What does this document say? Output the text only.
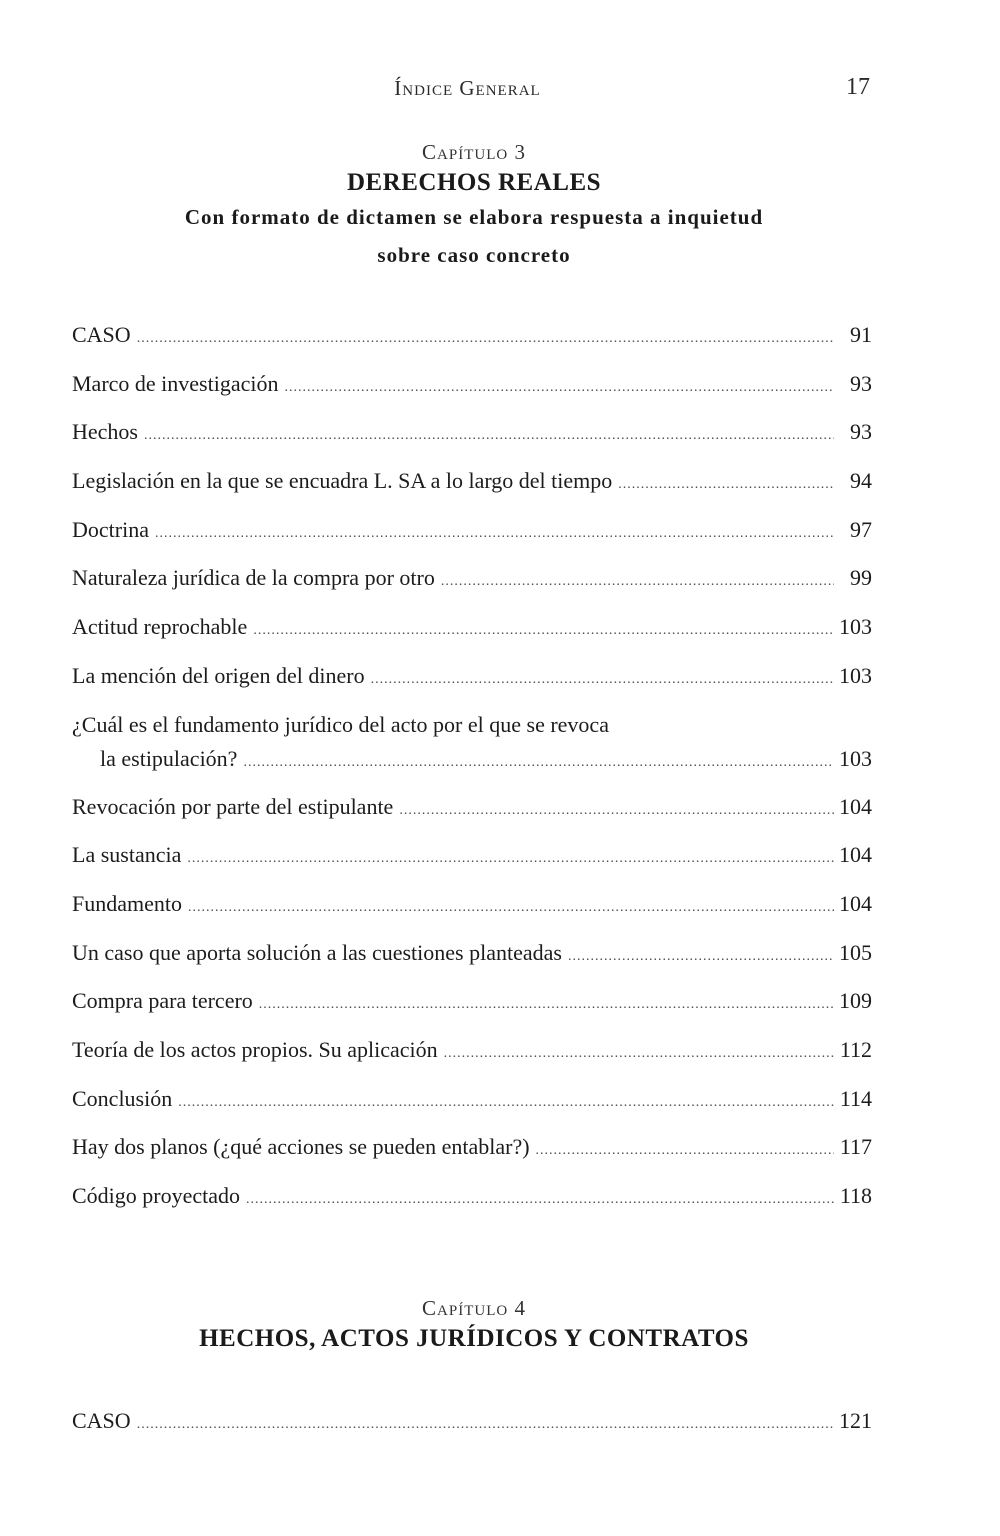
Índice General	17
Capítulo 3
DERECHOS REALES
Con formato de dictamen se elabora respuesta a inquietud
sobre caso concreto
CASO .....	91
Marco de investigación .....	93
Hechos .....	93
Legislación en la que se encuadra L. SA a lo largo del tiempo .....	94
Doctrina .....	97
Naturaleza jurídica de la compra por otro .....	99
Actitud reprochable .....	103
La mención del origen del dinero .....	103
¿Cuál es el fundamento jurídico del acto por el que se revoca
la estipulación? .....	103
Revocación por parte del estipulante .....	104
La sustancia .....	104
Fundamento .....	104
Un caso que aporta solución a las cuestiones planteadas .....	105
Compra para tercero .....	109
Teoría de los actos propios. Su aplicación .....	112
Conclusión .....	114
Hay dos planos (¿qué acciones se pueden entablar?) .....	117
Código proyectado .....	118
Capítulo 4
HECHOS, ACTOS JURÍDICOS Y CONTRATOS
CASO .....	121
